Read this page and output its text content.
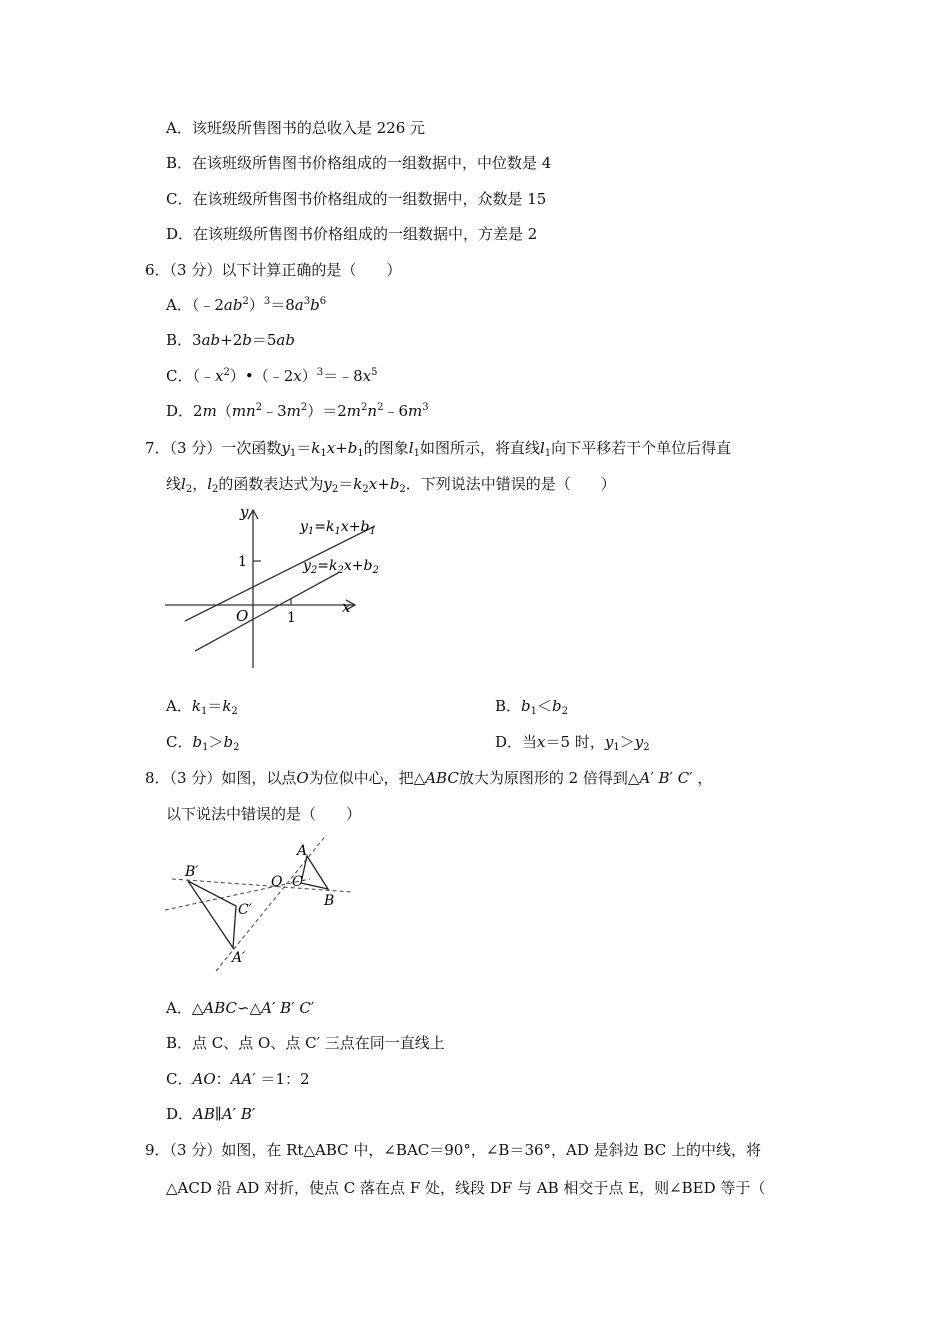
A．该班级所售图书的总收入是 226 元
B．在该班级所售图书价格组成的一组数据中，中位数是 4
C．在该班级所售图书价格组成的一组数据中，众数是 15
D．在该班级所售图书价格组成的一组数据中，方差是 2
6．（3 分）以下计算正确的是（　　）
A．$(﹣2ab^2)^3=8a^3b^6$
B．3ab+2b＝5ab
C．$(﹣x^2)•(﹣2x)^3=﹣8x^5$
D．$2m(mn^2﹣3m^2)=2m^2n^2﹣6m^3$
7．（3 分）一次函数$y_1=k_1x+b_1$的图象$l_1$如图所示，将直线$l_1$向下平移若干个单位后得直
线$l_2$，$l_2$的函数表达式为$y_2=k_2x+b_2$．下列说法中错误的是（　　）
y
x
O	1
1
$y_1=k_1x+b_1$
$y_2=k_2x+b_2$
A．$k_1=k_2$	B．$b_1<b_2$
C．$b_1>b_2$	D．当x＝5 时，$y_1>y_2$
8．（3 分）如图，以点O为位似中心，把△ABC放大为原图形的 2 倍得到△A′ B′ C′ ，
以下说法中错误的是（　　）
A
B
C
O
A′
B′
C′
A．△ABC∽△A′ B′ C′
B．点 C、点 O、点 C′ 三点在同一直线上
C．AO：AA′ ＝1：2
D．AB∥A′ B′
9．（3 分）如图，在 Rt△ABC 中，∠BAC＝90°，∠B＝36°，AD 是斜边 BC 上的中线，将
△ACD 沿 AD 对折，使点 C 落在点 F 处，线段 DF 与 AB 相交于点 E，则∠BED 等于（
